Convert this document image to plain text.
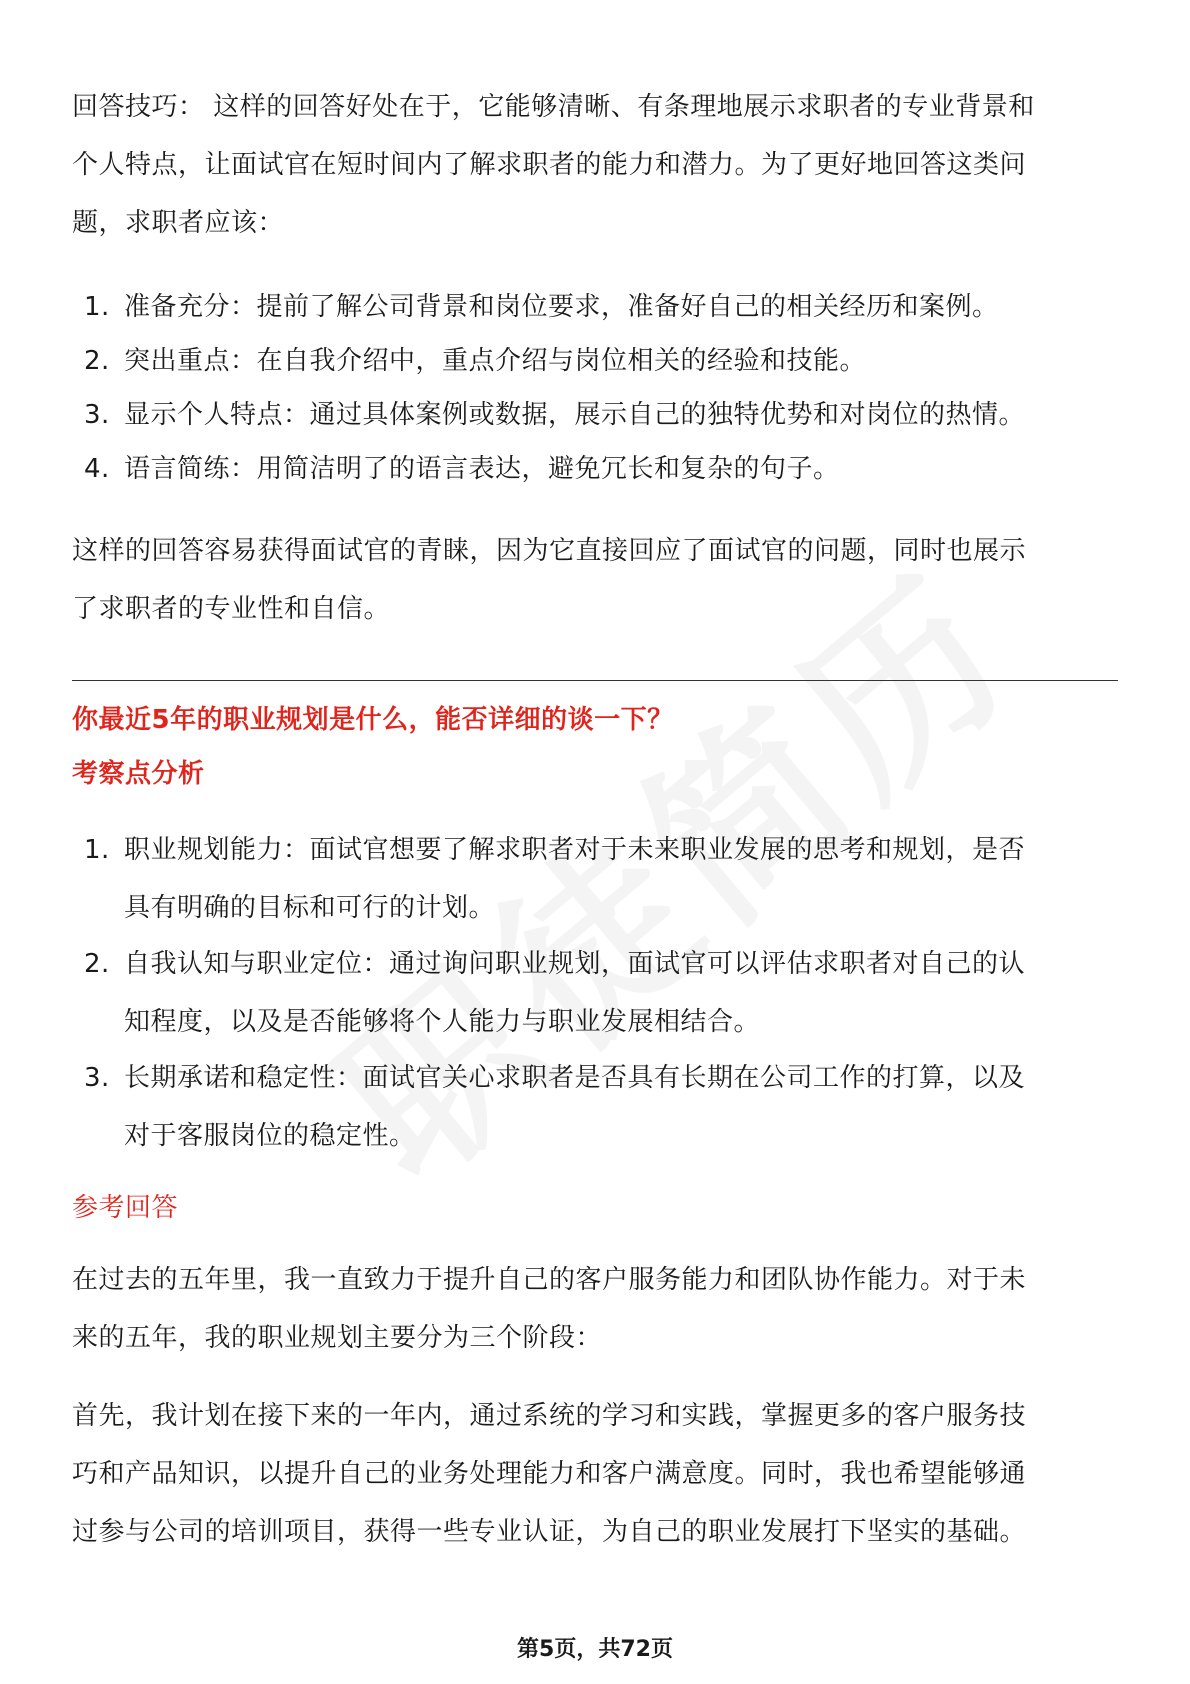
回答技巧： 这样的回答好处在于，它能够清晰、有条理地展示求职者的专业背景和

个人特点，让面试官在短时间内了解求职者的能力和潜力。为了更好地回答这类问

题，求职者应该：

1. 准备充分：提前了解公司背景和岗位要求，准备好自己的相关经历和案例。
2. 突出重点：在自我介绍中，重点介绍与岗位相关的经验和技能。
3. 显示个人特点：通过具体案例或数据，展示自己的独特优势和对岗位的热情。
4. 语言简练：用简洁明了的语言表达，避免冗长和复杂的句子。

这样的回答容易获得面试官的青睐，因为它直接回应了面试官的问题，同时也展示

了求职者的专业性和自信。

你最近5年的职业规划是什么，能否详细的谈一下？

考察点分析

1. 职业规划能力：面试官想要了解求职者对于未来职业发展的思考和规划，是否
具有明确的目标和可行的计划。
2. 自我认知与职业定位：通过询问职业规划，面试官可以评估求职者对自己的认
知程度，以及是否能够将个人能力与职业发展相结合。
3. 长期承诺和稳定性：面试官关心求职者是否具有长期在公司工作的打算，以及
对于客服岗位的稳定性。

参考回答

在过去的五年里，我一直致力于提升自己的客户服务能力和团队协作能力。对于未

来的五年，我的职业规划主要分为三个阶段：

首先，我计划在接下来的一年内，通过系统的学习和实践，掌握更多的客户服务技

巧和产品知识，以提升自己的业务处理能力和客户满意度。同时，我也希望能够通

过参与公司的培训项目，获得一些专业认证，为自己的职业发展打下坚实的基础。

第5页，共72页
